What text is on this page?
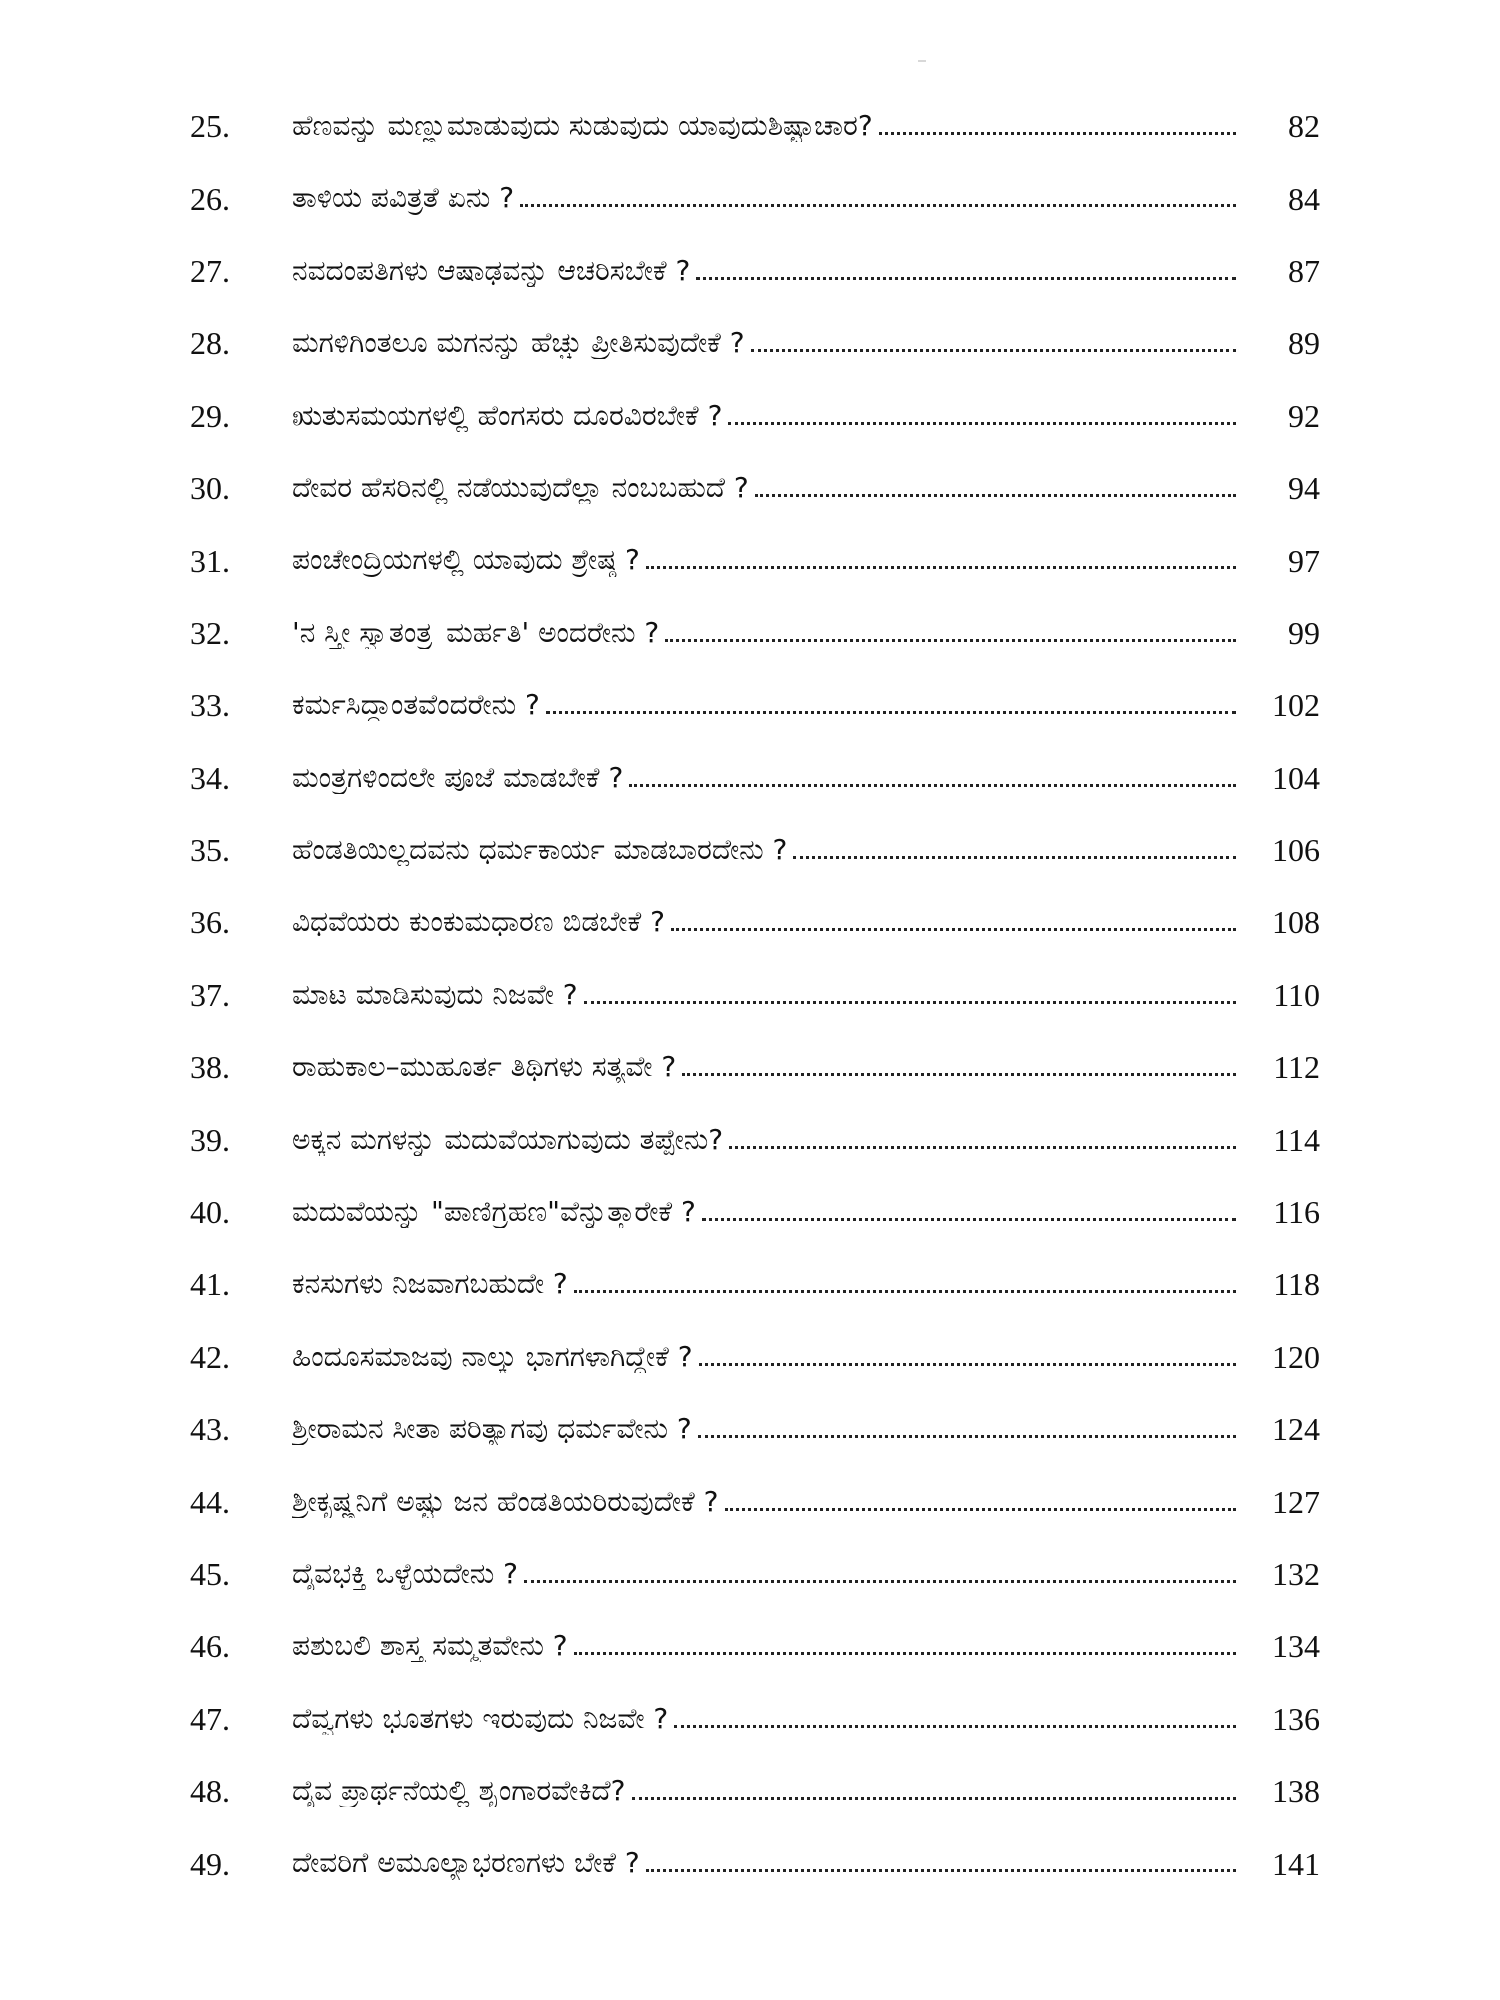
25.	ಹೆಣವನ್ನು ಮಣ್ಣುಮಾಡುವುದು ಸುಡುವುದು ಯಾವುದುಶಿಷ್ಟಾಚಾರ?	82
26.	ತಾಳಿಯ ಪವಿತ್ರತೆ ಏನು ?	84
27.	ನವದಂಪತಿಗಳು ಆಷಾಢವನ್ನು ಆಚರಿಸಬೇಕೆ ?	87
28.	ಮಗಳಿಗಿಂತಲೂ ಮಗನನ್ನು ಹೆಚ್ಚು ಪ್ರೀತಿಸುವುದೇಕೆ ?	89
29.	ಋತುಸಮಯಗಳಲ್ಲಿ ಹೆಂಗಸರು ದೂರವಿರಬೇಕೆ ?	92
30.	ದೇವರ ಹೆಸರಿನಲ್ಲಿ ನಡೆಯುವುದೆಲ್ಲಾ ನಂಬಬಹುದೆ ?	94
31.	ಪಂಚೇಂದ್ರಿಯಗಳಲ್ಲಿ ಯಾವುದು ಶ್ರೇಷ್ಠ ?	97
32.	'ನ ಸ್ತ್ರೀ ಸ್ವಾತಂತ್ರ್ಯ ಮರ್ಹತಿ' ಅಂದರೇನು ?	99
33.	ಕರ್ಮಸಿದ್ಧಾಂತವೆಂದರೇನು ?	102
34.	ಮಂತ್ರಗಳಿಂದಲೇ ಪೂಜೆ ಮಾಡಬೇಕೆ ?	104
35.	ಹೆಂಡತಿಯಿಲ್ಲದವನು ಧರ್ಮಕಾರ್ಯ ಮಾಡಬಾರದೇನು ?	106
36.	ವಿಧವೆಯರು ಕುಂಕುಮಧಾರಣ ಬಿಡಬೇಕೆ ?	108
37.	ಮಾಟ ಮಾಡಿಸುವುದು ನಿಜವೇ ?	110
38.	ರಾಹುಕಾಲ–ಮುಹೂರ್ತ ತಿಥಿಗಳು ಸತ್ಯವೇ ?	112
39.	ಅಕ್ಕನ ಮಗಳನ್ನು ಮದುವೆಯಾಗುವುದು ತಪ್ಪೇನು?	114
40.	ಮದುವೆಯನ್ನು "ಪಾಣಿಗ್ರಹಣ"ವೆನ್ನುತ್ತಾರೇಕೆ ?	116
41.	ಕನಸುಗಳು ನಿಜವಾಗಬಹುದೇ ?	118
42.	ಹಿಂದೂಸಮಾಜವು ನಾಲ್ಕು ಭಾಗಗಳಾಗಿದ್ದೇಕೆ ?	120
43.	ಶ್ರೀರಾಮನ ಸೀತಾ ಪರಿತ್ಯಾಗವು ಧರ್ಮವೇನು ?	124
44.	ಶ್ರೀಕೃಷ್ಣನಿಗೆ ಅಷ್ಟು ಜನ ಹೆಂಡತಿಯರಿರುವುದೇಕೆ ?	127
45.	ದೈವಭಕ್ತಿ ಒಳ್ಳೆಯದೇನು ?	132
46.	ಪಶುಬಲಿ ಶಾಸ್ತ್ರ ಸಮ್ಮತವೇನು ?	134
47.	ದೆವ್ವಗಳು ಭೂತಗಳು ಇರುವುದು ನಿಜವೇ ?	136
48.	ದೈವ ಪ್ರಾರ್ಥನೆಯಲ್ಲಿ ಶೃಂಗಾರವೇಕಿದೆ?	138
49.	ದೇವರಿಗೆ ಅಮೂಲ್ಯಾಭರಣಗಳು ಬೇಕೆ ?	141
